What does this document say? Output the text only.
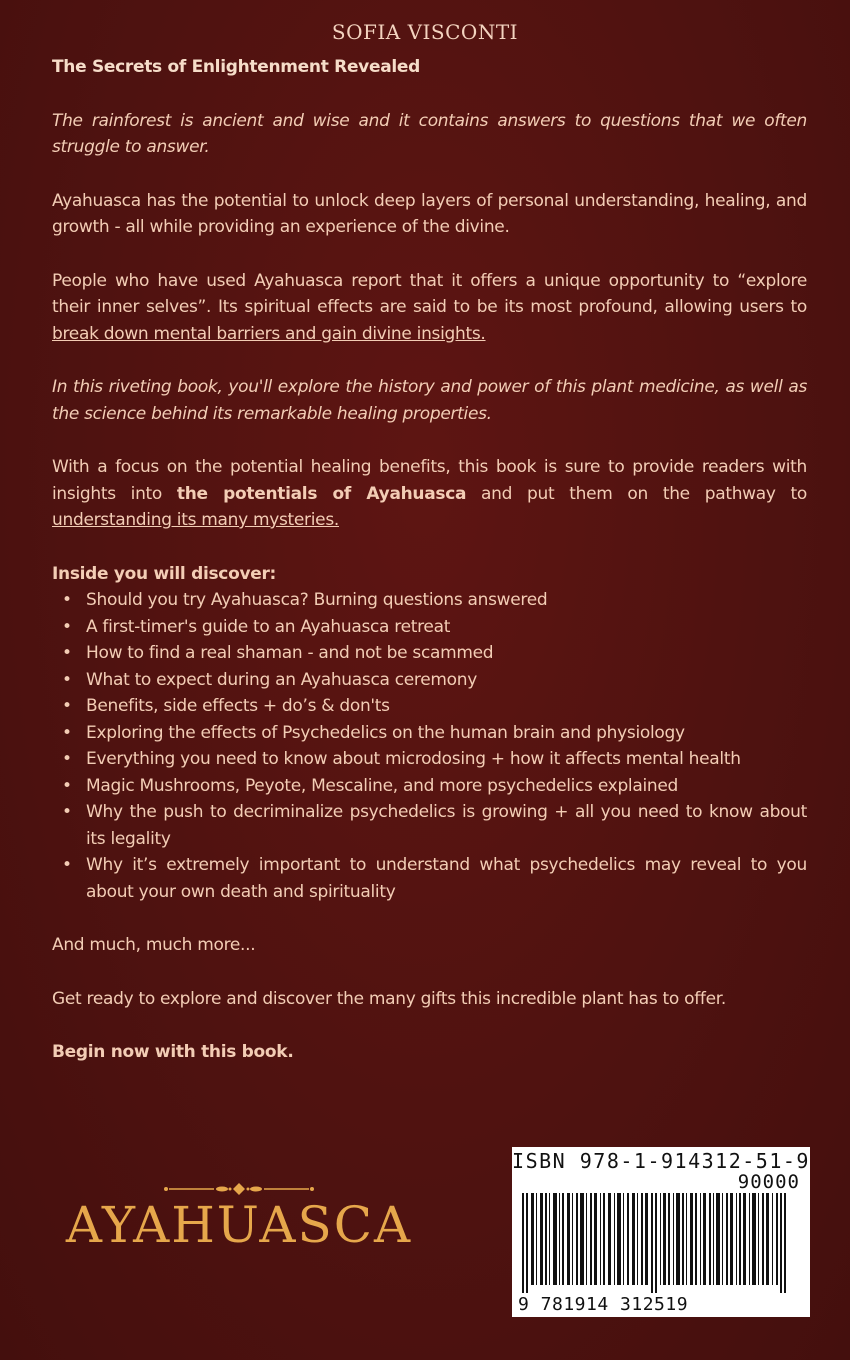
SOFIA VISCONTI

The Secrets of Enlightenment Revealed

The rainforest is ancient and wise and it contains answers to questions that we often struggle to answer.

Ayahuasca has the potential to unlock deep layers of personal understanding, healing, and growth - all while providing an experience of the divine.

People who have used Ayahuasca report that it offers a unique opportunity to “explore their inner selves”. Its spiritual effects are said to be its most profound, allowing users to break down mental barriers and gain divine insights.

In this riveting book, you'll explore the history and power of this plant medicine, as well as the science behind its remarkable healing properties.

With a focus on the potential healing benefits, this book is sure to provide readers with insights into the potentials of Ayahuasca and put them on the pathway to understanding its many mysteries.

Inside you will discover:

• Should you try Ayahuasca? Burning questions answered
• A first-timer's guide to an Ayahuasca retreat
• How to find a real shaman - and not be scammed
• What to expect during an Ayahuasca ceremony
• Benefits, side effects + do’s & don'ts
• Exploring the effects of Psychedelics on the human brain and physiology
• Everything you need to know about microdosing + how it affects mental health
• Magic Mushrooms, Peyote, Mescaline, and more psychedelics explained
• Why the push to decriminalize psychedelics is growing + all you need to know about its legality
• Why it’s extremely important to understand what psychedelics may reveal to you about your own death and spirituality

And much, much more...

Get ready to explore and discover the many gifts this incredible plant has to offer.

Begin now with this book.

AYAHUASCA
ISBN 978-1-914312-51-9
90000
9 781914 312519
